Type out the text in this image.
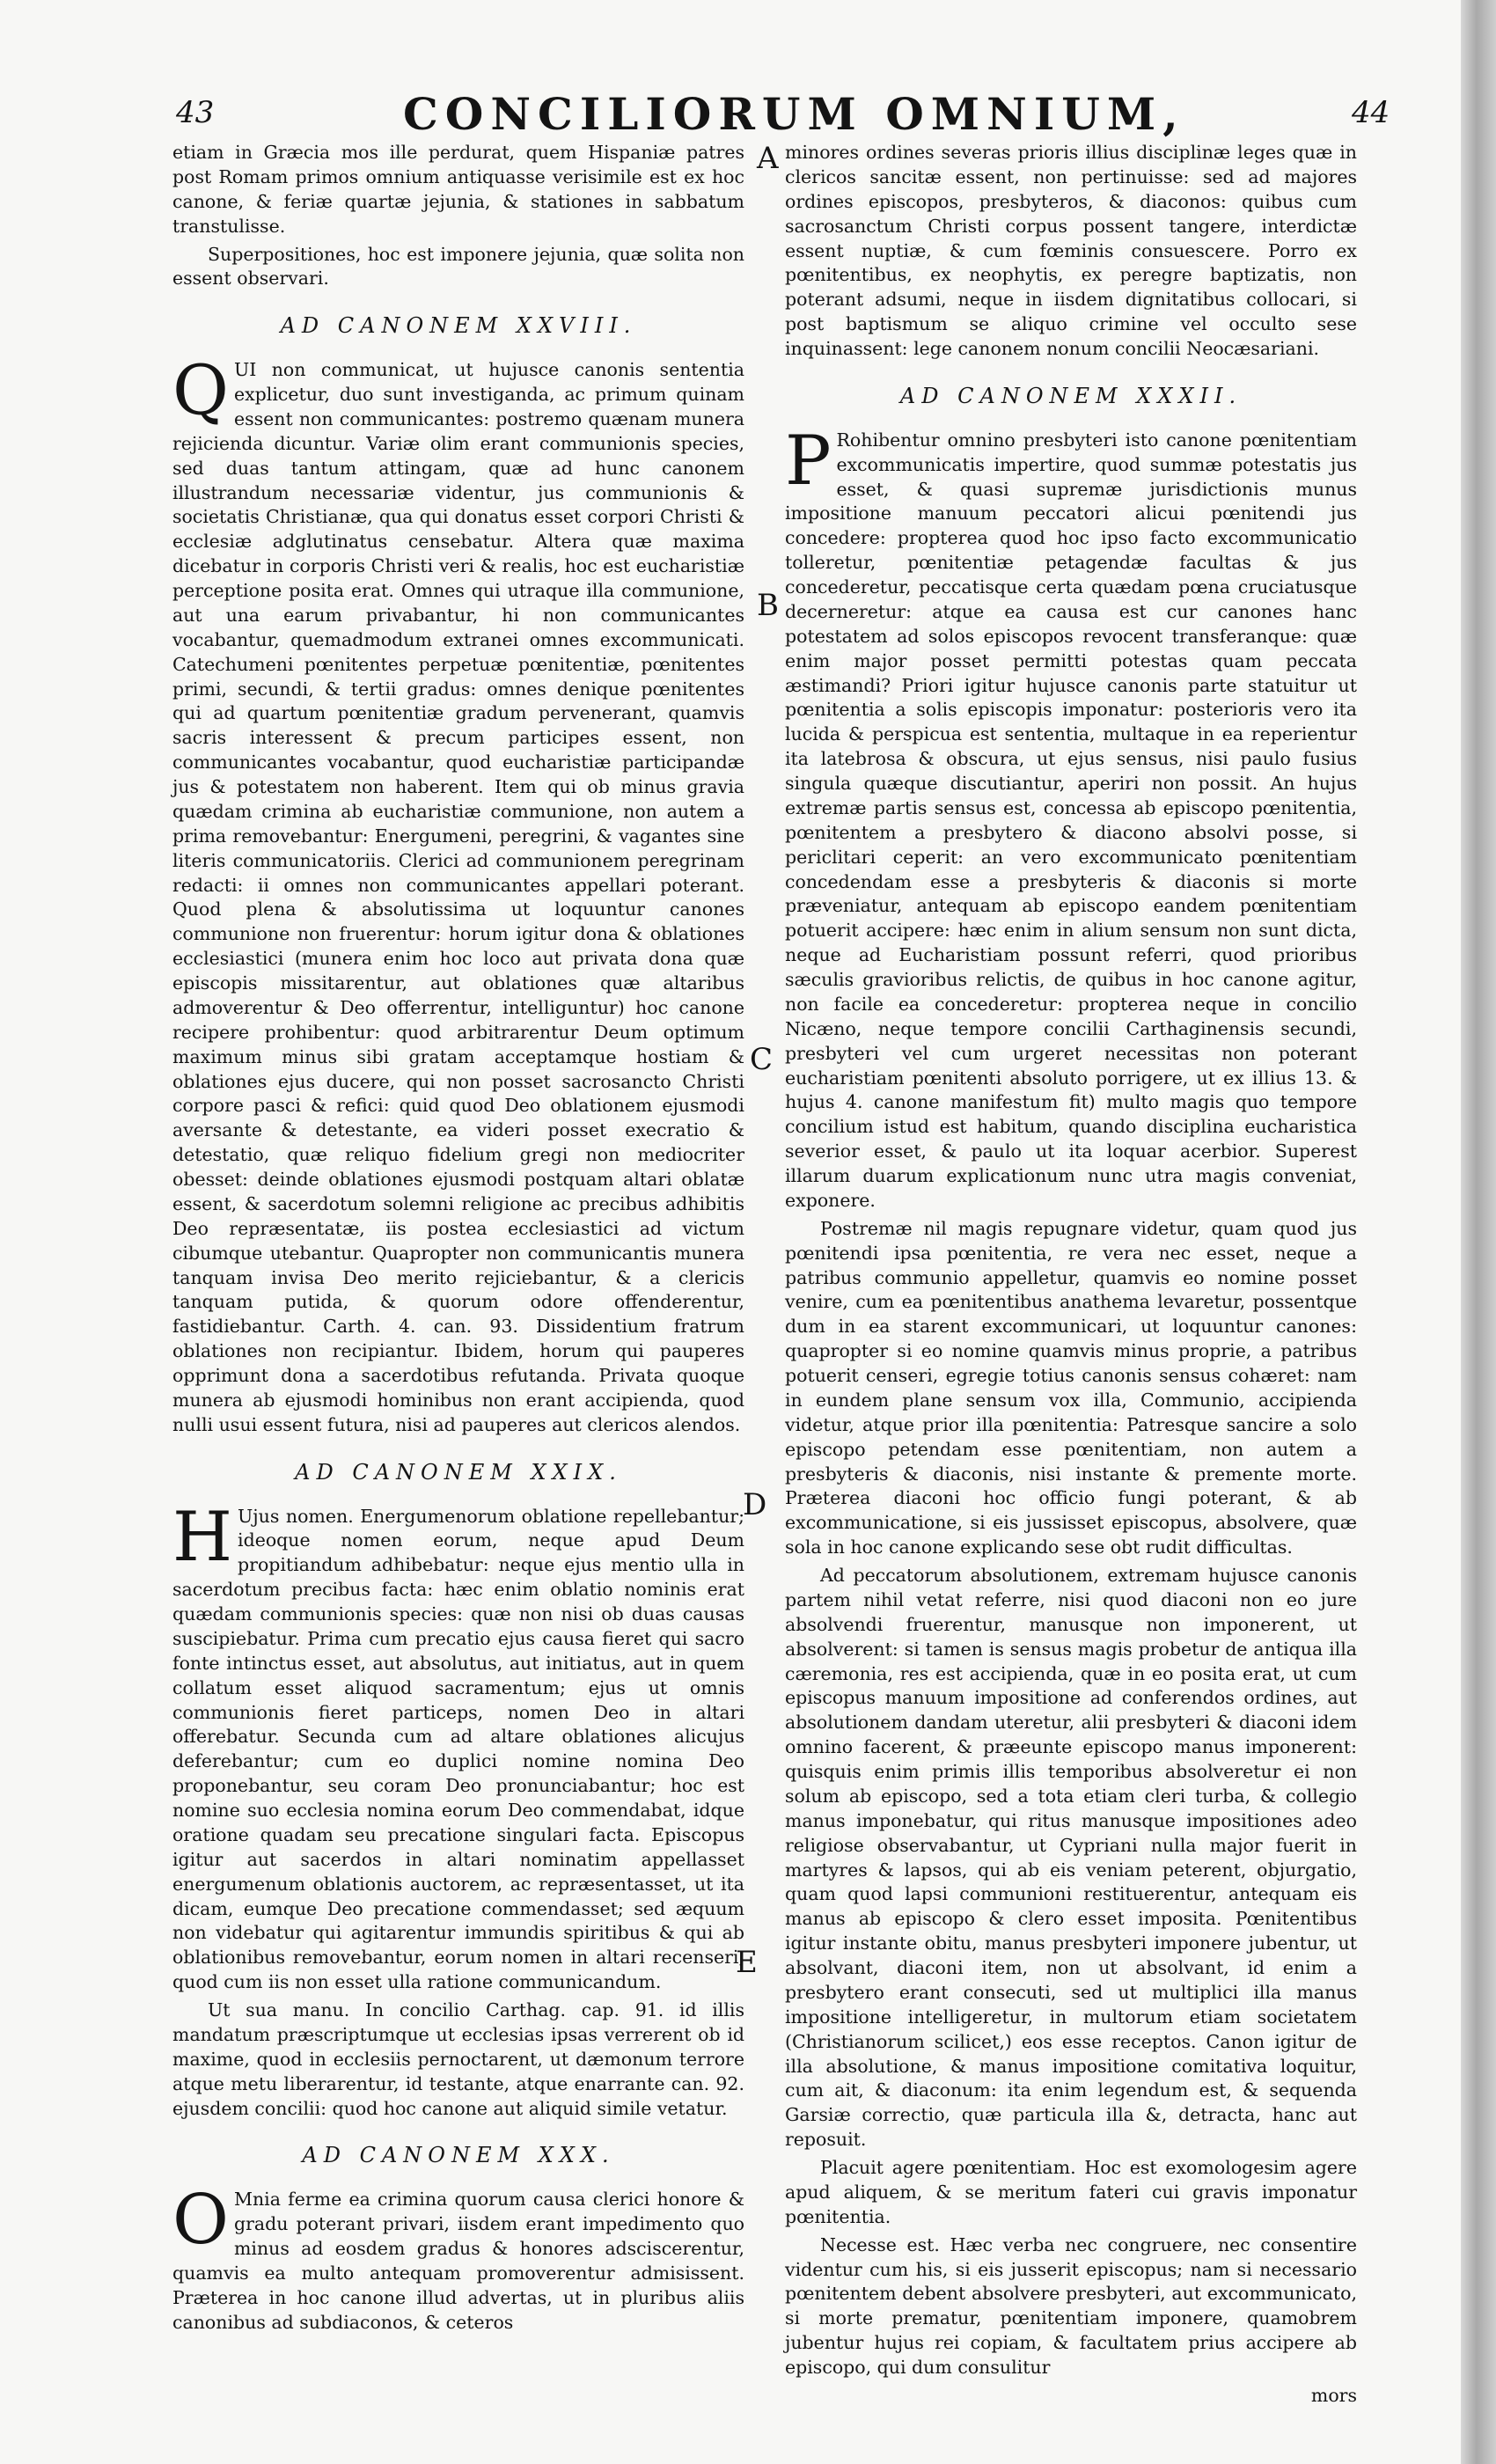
43	CONCILIORUM OMNIUM,	44
A
B
C
D
E

etiam in Græcia mos ille perdurat, quem Hispaniæ patres post Romam primos omnium antiquasse verisimile est ex hoc canone, & feriæ quartæ jejunia, & stationes in sabbatum transtulisse.

Superpositiones, hoc est imponere jejunia, quæ solita non essent observari.

AD CANONEM XXVIII.

QUI non communicat, ut hujusce canonis sententia explicetur, duo sunt investiganda, ac primum quinam essent non communicantes: postremo quænam munera rejicienda dicuntur. Variæ olim erant communionis species, sed duas tantum attingam, quæ ad hunc canonem illustrandum necessariæ videntur, jus communionis & societatis Christianæ, qua qui donatus esset corpori Christi & ecclesiæ adglutinatus censebatur. Altera quæ maxima dicebatur in corporis Christi veri & realis, hoc est eucharistiæ perceptione posita erat. Omnes qui utraque illa communione, aut una earum privabantur, hi non communicantes vocabantur, quemadmodum extranei omnes excommunicati. Catechumeni pœnitentes perpetuæ pœnitentiæ, pœnitentes primi, secundi, & tertii gradus: omnes denique pœnitentes qui ad quartum pœnitentiæ gradum pervenerant, quamvis sacris interessent & precum participes essent, non communicantes vocabantur, quod eucharistiæ participandæ jus & potestatem non haberent. Item qui ob minus gravia quædam crimina ab eucharistiæ communione, non autem a prima removebantur: Energumeni, peregrini, & vagantes sine literis communicatoriis. Clerici ad communionem peregrinam redacti: ii omnes non communicantes appellari poterant. Quod plena & absolutissima ut loquuntur canones communione non fruerentur: horum igitur dona & oblationes ecclesiastici (munera enim hoc loco aut privata dona quæ episcopis missitarentur, aut oblationes quæ altaribus admoverentur & Deo offerrentur, intelliguntur) hoc canone recipere prohibentur: quod arbitrarentur Deum optimum maximum minus sibi gratam acceptamque hostiam & oblationes ejus ducere, qui non posset sacrosancto Christi corpore pasci & refici: quid quod Deo oblationem ejusmodi aversante & detestante, ea videri posset execratio & detestatio, quæ reliquo fidelium gregi non mediocriter obesset: deinde oblationes ejusmodi postquam altari oblatæ essent, & sacerdotum solemni religione ac precibus adhibitis Deo repræsentatæ, iis postea ecclesiastici ad victum cibumque utebantur. Quapropter non communicantis munera tanquam invisa Deo merito rejiciebantur, & a clericis tanquam putida, & quorum odore offenderentur, fastidiebantur. Carth. 4. can. 93. Dissidentium fratrum oblationes non recipiantur. Ibidem, horum qui pauperes opprimunt dona a sacerdotibus refutanda. Privata quoque munera ab ejusmodi hominibus non erant accipienda, quod nulli usui essent futura, nisi ad pauperes aut clericos alendos.

AD CANONEM XXIX.

H Ujus nomen. Energumenorum oblatione repellebantur; ideoque nomen eorum, neque apud Deum propitiandum adhibebatur: neque ejus mentio ulla in sacerdotum precibus facta: hæc enim oblatio nominis erat quædam communionis species: quæ non nisi ob duas causas suscipiebatur. Prima cum precatio ejus causa fieret qui sacro fonte intinctus esset, aut absolutus, aut initiatus, aut in quem collatum esset aliquod sacramentum; ejus ut omnis communionis fieret particeps, nomen Deo in altari offerebatur. Secunda cum ad altare oblationes alicujus deferebantur; cum eo duplici nomine nomina Deo proponebantur, seu coram Deo pronunciabantur; hoc est nomine suo ecclesia nomina eorum Deo commendabat, idque oratione quadam seu precatione singulari facta. Episcopus igitur aut sacerdos in altari nominatim appellasset energumenum oblationis auctorem, ac repræsentasset, ut ita dicam, eumque Deo precatione commendasset; sed æquum non videbatur qui agitarentur immundis spiritibus & qui ab oblationibus removebantur, eorum nomen in altari recenseri, quod cum iis non esset ulla ratione communicandum.

Ut sua manu. In concilio Carthag. cap. 91. id illis mandatum præscriptumque ut ecclesias ipsas verrerent ob id maxime, quod in ecclesiis pernoctarent, ut dæmonum terrore atque metu liberarentur, id testante, atque enarrante can. 92. ejusdem concilii: quod hoc canone aut aliquid simile vetatur.

AD CANONEM XXX.

O Mnia ferme ea crimina quorum causa clerici honore & gradu poterant privari, iisdem erant impedimento quo minus ad eosdem gradus & honores adsciscerentur, quamvis ea multo antequam promoverentur admisissent. Præterea in hoc canone illud advertas, ut in pluribus aliis canonibus ad subdiaconos, & ceteros

minores ordines severas prioris illius disciplinæ leges quæ in clericos sancitæ essent, non pertinuisse: sed ad majores ordines episcopos, presbyteros, & diaconos: quibus cum sacrosanctum Christi corpus possent tangere, interdictæ essent nuptiæ, & cum fœminis consuescere. Porro ex pœnitentibus, ex neophytis, ex peregre baptizatis, non poterant adsumi, neque in iisdem dignitatibus collocari, si post baptismum se aliquo crimine vel occulto sese inquinassent: lege canonem nonum concilii Neocæsariani.

AD CANONEM XXXII.

P Rohibentur omnino presbyteri isto canone pœnitentiam excommunicatis impertire, quod summæ potestatis jus esset, & quasi supremæ jurisdictionis munus impositione manuum peccatori alicui pœnitendi jus concedere: propterea quod hoc ipso facto excommunicatio tolleretur, pœnitentiæ petagendæ facultas & jus concederetur, peccatisque certa quædam pœna cruciatusque decerneretur: atque ea causa est cur canones hanc potestatem ad solos episcopos revocent transferanque: quæ enim major posset permitti potestas quam peccata æstimandi? Priori igitur hujusce canonis parte statuitur ut pœnitentia a solis episcopis imponatur: posterioris vero ita lucida & perspicua est sententia, multaque in ea reperientur ita latebrosa & obscura, ut ejus sensus, nisi paulo fusius singula quæque discutiantur, aperiri non possit. An hujus extremæ partis sensus est, concessa ab episcopo pœnitentia, pœnitentem a presbytero & diacono absolvi posse, si periclitari ceperit: an vero excommunicato pœnitentiam concedendam esse a presbyteris & diaconis si morte præveniatur, antequam ab episcopo eandem pœnitentiam potuerit accipere: hæc enim in alium sensum non sunt dicta, neque ad Eucharistiam possunt referri, quod prioribus sæculis gravioribus relictis, de quibus in hoc canone agitur, non facile ea concederetur: propterea neque in concilio Nicæno, neque tempore concilii Carthaginensis secundi, presbyteri vel cum urgeret necessitas non poterant eucharistiam pœnitenti absoluto porrigere, ut ex illius 13. & hujus 4. canone manifestum fit) multo magis quo tempore concilium istud est habitum, quando disciplina eucharistica severior esset, & paulo ut ita loquar acerbior. Superest illarum duarum explicationum nunc utra magis conveniat, exponere.

Postremæ nil magis repugnare videtur, quam quod jus pœnitendi ipsa pœnitentia, re vera nec esset, neque a patribus communio appelletur, quamvis eo nomine posset venire, cum ea pœnitentibus anathema levaretur, possentque dum in ea starent excommunicari, ut loquuntur canones: quapropter si eo nomine quamvis minus proprie, a patribus potuerit censeri, egregie totius canonis sensus cohæret: nam in eundem plane sensum vox illa, Communio, accipienda videtur, atque prior illa pœnitentia: Patresque sancire a solo episcopo petendam esse pœnitentiam, non autem a presbyteris & diaconis, nisi instante & premente morte. Præterea diaconi hoc officio fungi poterant, & ab excommunicatione, si eis jussisset episcopus, absolvere, quæ sola in hoc canone explicando sese obt rudit difficultas.

Ad peccatorum absolutionem, extremam hujusce canonis partem nihil vetat referre, nisi quod diaconi non eo jure absolvendi fruerentur, manusque non imponerent, ut absolverent: si tamen is sensus magis probetur de antiqua illa cæremonia, res est accipienda, quæ in eo posita erat, ut cum episcopus manuum impositione ad conferendos ordines, aut absolutionem dandam uteretur, alii presbyteri & diaconi idem omnino facerent, & præeunte episcopo manus imponerent: quisquis enim primis illis temporibus absolveretur ei non solum ab episcopo, sed a tota etiam cleri turba, & collegio manus imponebatur, qui ritus manusque impositiones adeo religiose observabantur, ut Cypriani nulla major fuerit in martyres & lapsos, qui ab eis veniam peterent, objurgatio, quam quod lapsi communioni restituerentur, antequam eis manus ab episcopo & clero esset imposita. Pœnitentibus igitur instante obitu, manus presbyteri imponere jubentur, ut absolvant, diaconi item, non ut absolvant, id enim a presbytero erant consecuti, sed ut multiplici illa manus impositione intelligeretur, in multorum etiam societatem (Christianorum scilicet,) eos esse receptos. Canon igitur de illa absolutione, & manus impositione comitativa loquitur, cum ait, & diaconum: ita enim legendum est, & sequenda Garsiæ correctio, quæ particula illa &, detracta, hanc aut reposuit.

Placuit agere pœnitentiam. Hoc est exomologesim agere apud aliquem, & se meritum fateri cui gravis imponatur pœnitentia.

Necesse est. Hæc verba nec congruere, nec consentire videntur cum his, si eis jusserit episcopus; nam si necessario pœnitentem debent absolvere presbyteri, aut excommunicato, si morte prematur, pœnitentiam imponere, quamobrem jubentur hujus rei copiam, & facultatem prius accipere ab episcopo, qui dum consulitur

mors
